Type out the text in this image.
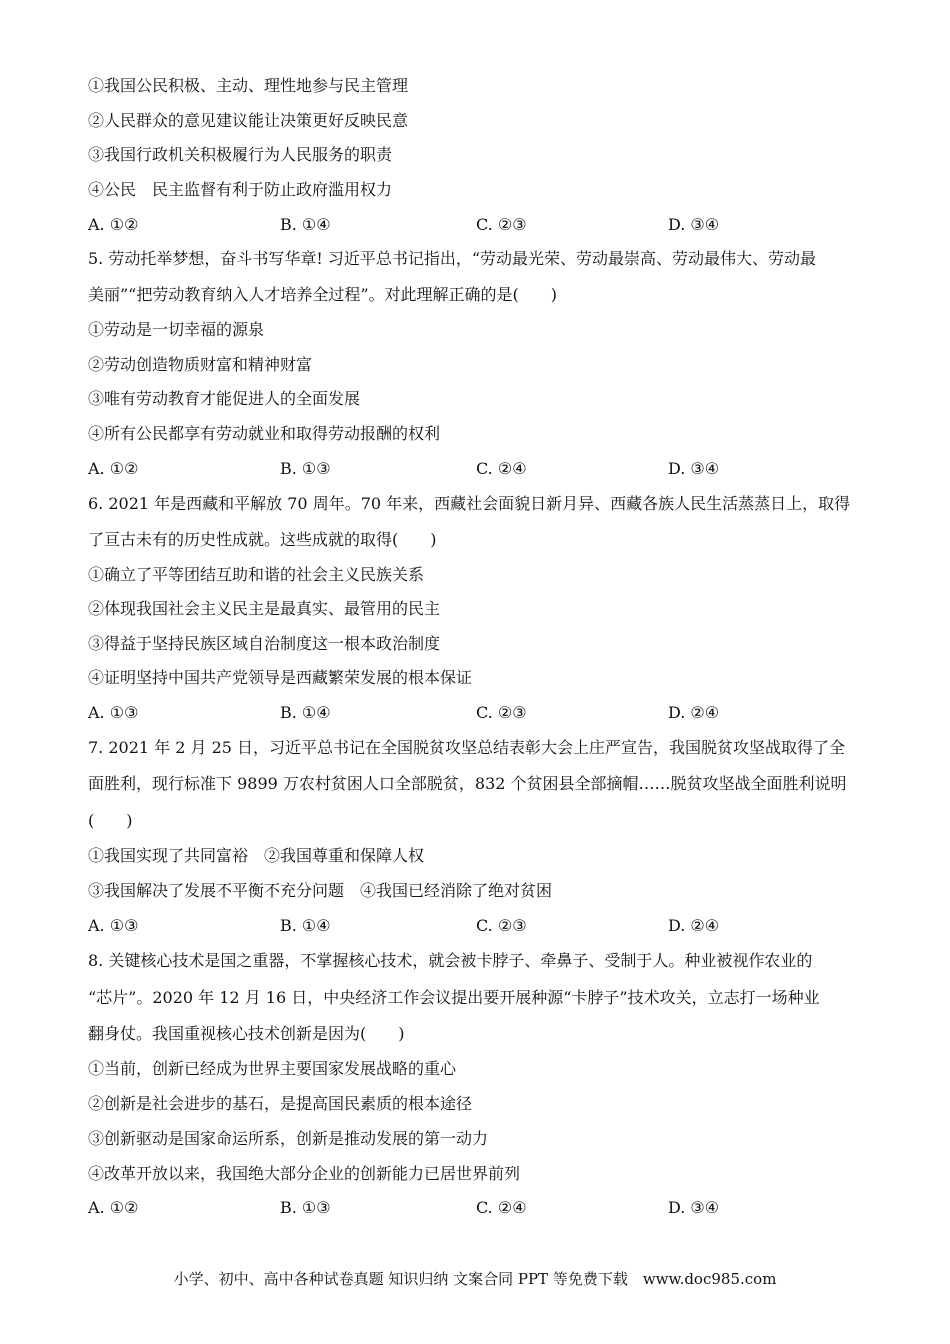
①我国公民积极、主动、理性地参与民主管理
②人民群众的意见建议能让决策更好反映民意
③我国行政机关积极履行为人民服务的职责
④公民　民主监督有利于防止政府滥用权力
A. ①②	B. ①④	C. ②③	D. ③④
5. 劳动托举梦想，奋斗书写华章! 习近平总书记指出，“劳动最光荣、劳动最崇高、劳动最伟大、劳动最
美丽”“把劳动教育纳入人才培养全过程”。对此理解正确的是(　　)
①劳动是一切幸福的源泉
②劳动创造物质财富和精神财富
③唯有劳动教育才能促进人的全面发展
④所有公民都享有劳动就业和取得劳动报酬的权利
A. ①②	B. ①③	C. ②④	D. ③④
6. 2021 年是西藏和平解放 70 周年。70 年来，西藏社会面貌日新月异、西藏各族人民生活蒸蒸日上，取得
了亘古未有的历史性成就。这些成就的取得(　　)
①确立了平等团结互助和谐的社会主义民族关系
②体现我国社会主义民主是最真实、最管用的民主
③得益于坚持民族区域自治制度这一根本政治制度
④证明坚持中国共产党领导是西藏繁荣发展的根本保证
A. ①③	B. ①④	C. ②③	D. ②④
7. 2021 年 2 月 25 日，习近平总书记在全国脱贫攻坚总结表彰大会上庄严宣告，我国脱贫攻坚战取得了全
面胜利，现行标准下 9899 万农村贫困人口全部脱贫，832 个贫困县全部摘帽……脱贫攻坚战全面胜利说明
(　　)
①我国实现了共同富裕　②我国尊重和保障人权
③我国解决了发展不平衡不充分问题　④我国已经消除了绝对贫困
A. ①③	B. ①④	C. ②③	D. ②④
8. 关键核心技术是国之重器，不掌握核心技术，就会被卡脖子、牵鼻子、受制于人。种业被视作农业的
“芯片”。2020 年 12 月 16 日，中央经济工作会议提出要开展种源“卡脖子”技术攻关，立志打一场种业
翻身仗。我国重视核心技术创新是因为(　　)
①当前，创新已经成为世界主要国家发展战略的重心
②创新是社会进步的基石，是提高国民素质的根本途径
③创新驱动是国家命运所系，创新是推动发展的第一动力
④改革开放以来，我国绝大部分企业的创新能力已居世界前列
A. ①②	B. ①③	C. ②④	D. ③④
小学、初中、高中各种试卷真题 知识归纳 文案合同 PPT 等免费下载　www.doc985.com
